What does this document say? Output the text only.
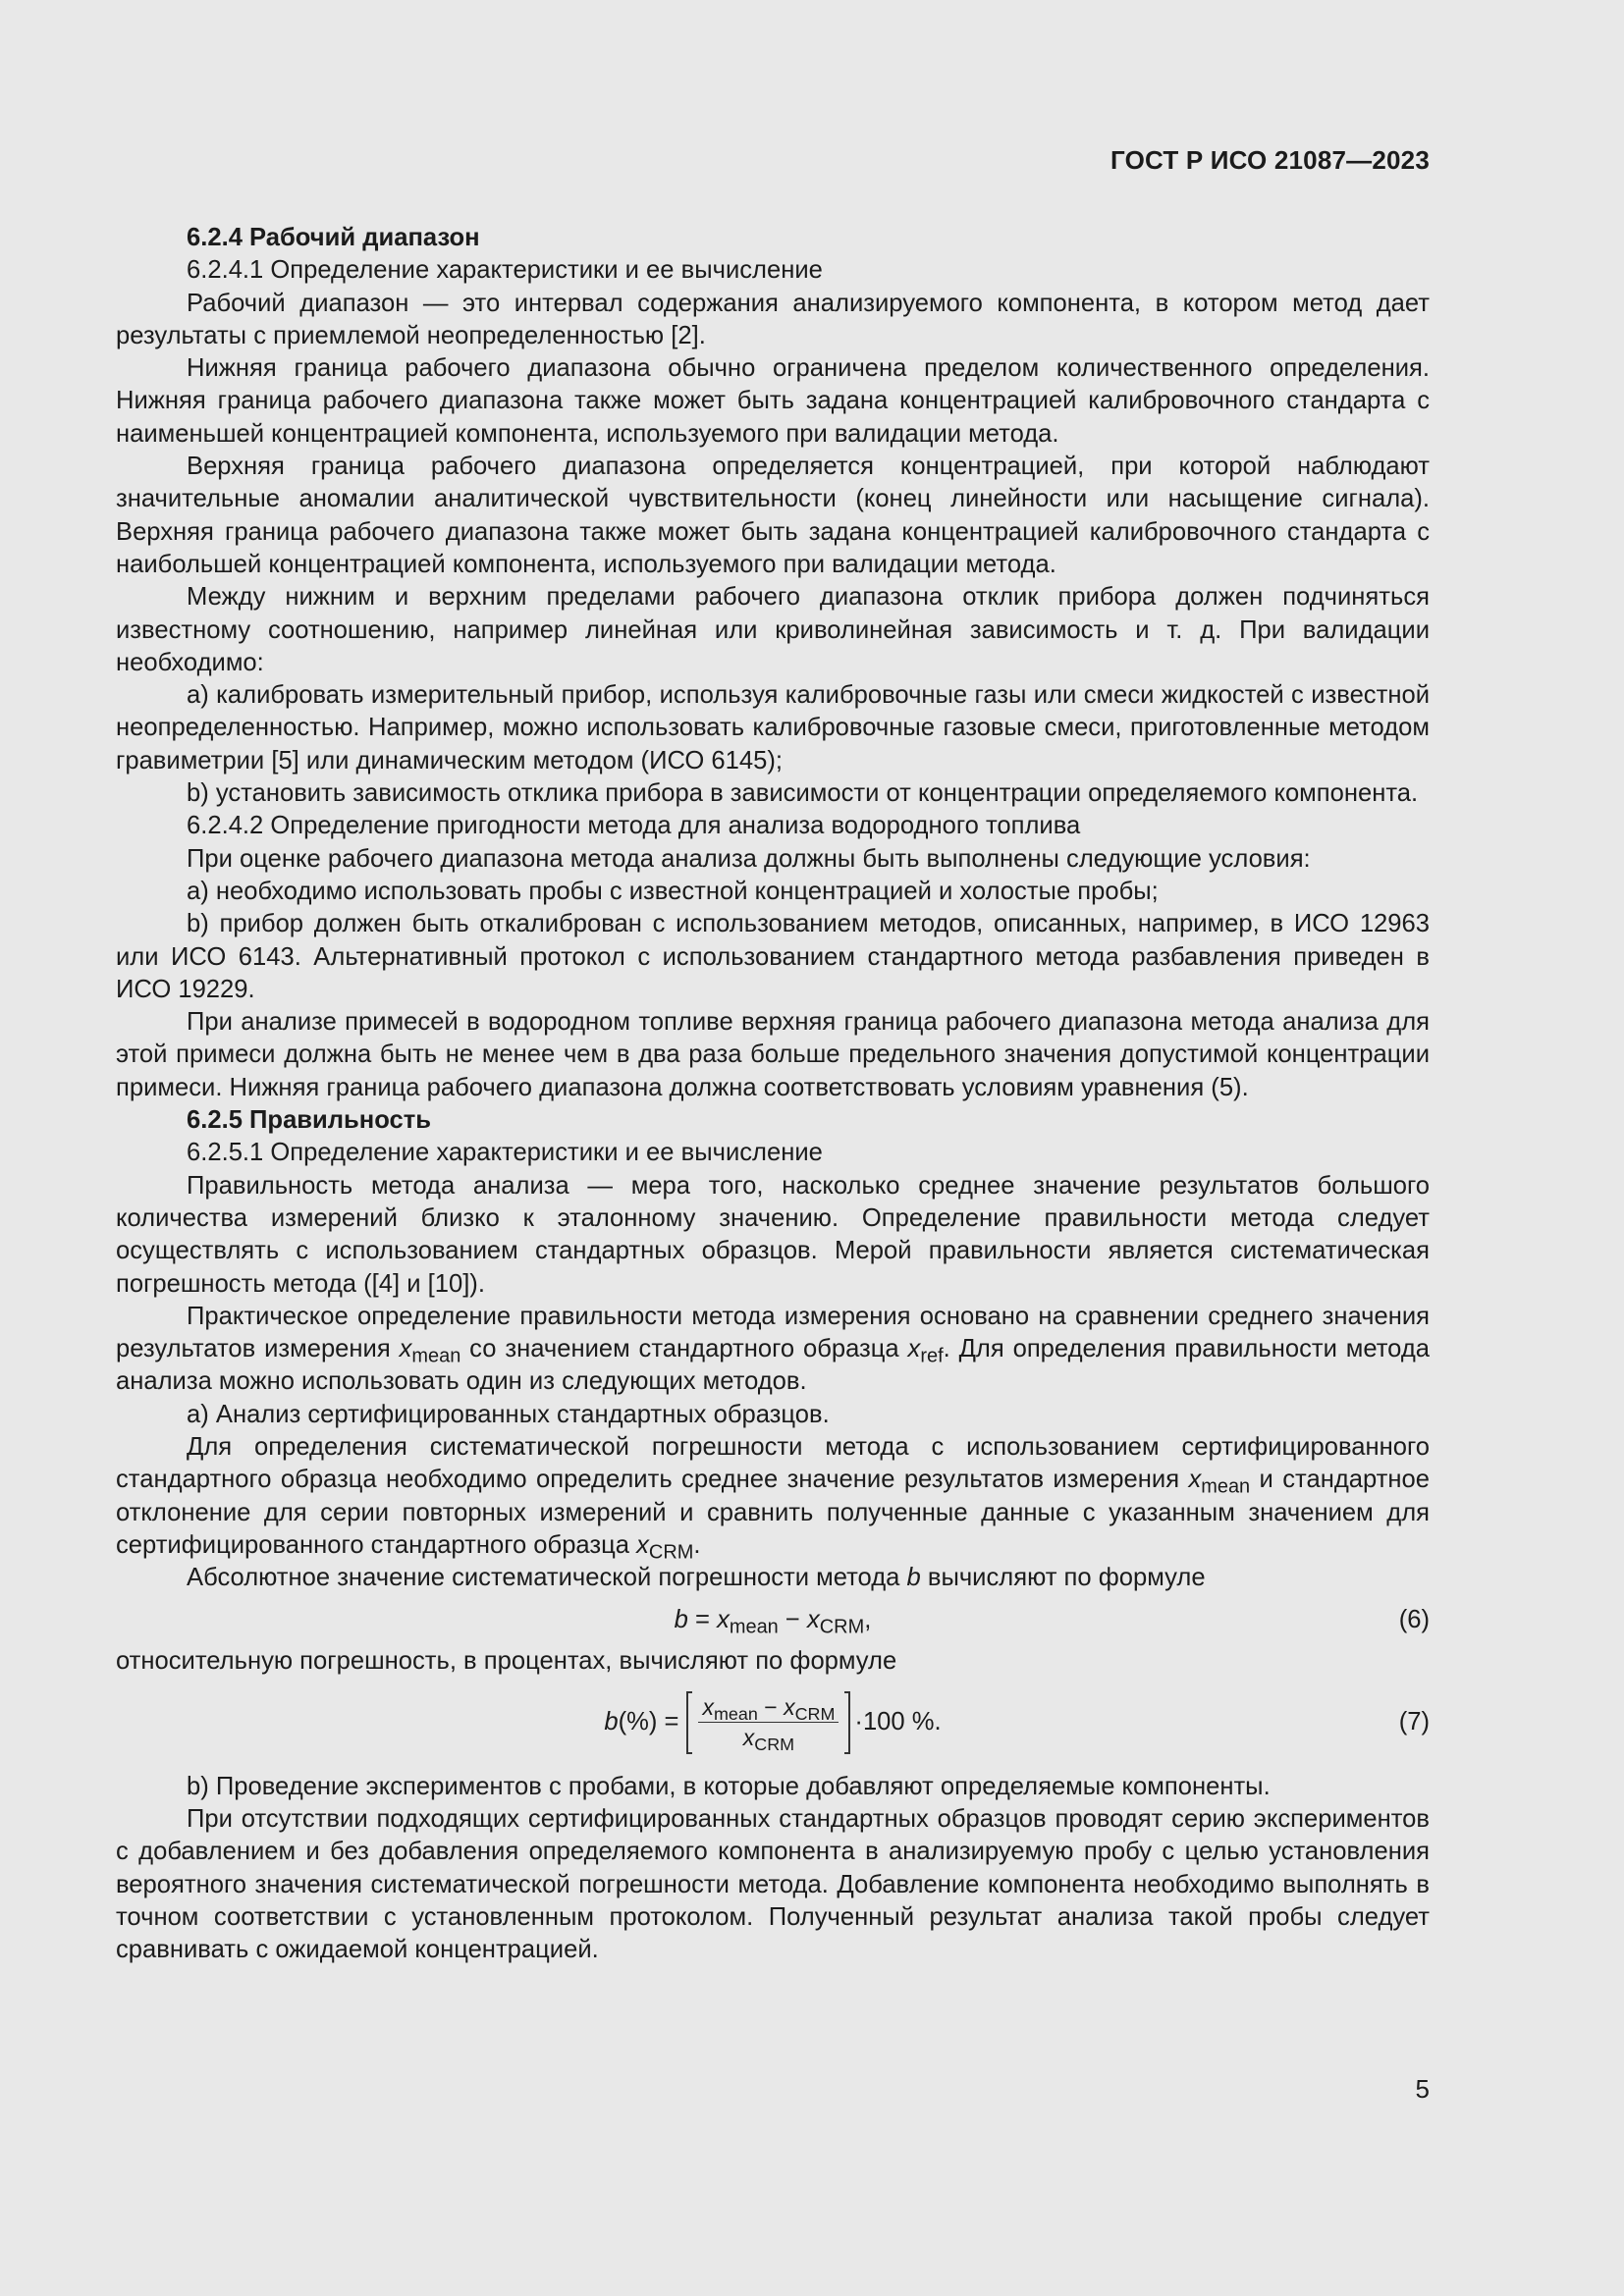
ГОСТ Р ИСО 21087—2023

6.2.4 Рабочий диапазон

6.2.4.1 Определение характеристики и ее вычисление

Рабочий диапазон — это интервал содержания анализируемого компонента, в котором метод дает результаты с приемлемой неопределенностью [2].

Нижняя граница рабочего диапазона обычно ограничена пределом количественного определения. Нижняя граница рабочего диапазона также может быть задана концентрацией калибровочного стандарта с наименьшей концентрацией компонента, используемого при валидации метода.

Верхняя граница рабочего диапазона определяется концентрацией, при которой наблюдают значительные аномалии аналитической чувствительности (конец линейности или насыщение сигнала). Верхняя граница рабочего диапазона также может быть задана концентрацией калибровочного стандарта с наибольшей концентрацией компонента, используемого при валидации метода.

Между нижним и верхним пределами рабочего диапазона отклик прибора должен подчиняться известному соотношению, например линейная или криволинейная зависимость и т. д. При валидации необходимо:

a) калибровать измерительный прибор, используя калибровочные газы или смеси жидкостей с известной неопределенностью. Например, можно использовать калибровочные газовые смеси, приготовленные методом гравиметрии [5] или динамическим методом (ИСО 6145);

b) установить зависимость отклика прибора в зависимости от концентрации определяемого компонента.

6.2.4.2 Определение пригодности метода для анализа водородного топлива

При оценке рабочего диапазона метода анализа должны быть выполнены следующие условия:

a) необходимо использовать пробы с известной концентрацией и холостые пробы;

b) прибор должен быть откалиброван с использованием методов, описанных, например, в ИСО 12963 или ИСО 6143. Альтернативный протокол с использованием стандартного метода разбавления приведен в ИСО 19229.

При анализе примесей в водородном топливе верхняя граница рабочего диапазона метода анализа для этой примеси должна быть не менее чем в два раза больше предельного значения допустимой концентрации примеси. Нижняя граница рабочего диапазона должна соответствовать условиям уравнения (5).

6.2.5 Правильность

6.2.5.1 Определение характеристики и ее вычисление

Правильность метода анализа — мера того, насколько среднее значение результатов большого количества измерений близко к эталонному значению. Определение правильности метода следует осуществлять с использованием стандартных образцов. Мерой правильности является систематическая погрешность метода ([4] и [10]).

Практическое определение правильности метода измерения основано на сравнении среднего значения результатов измерения $x_{mean}$ со значением стандартного образца $x_{ref}$. Для определения правильности метода анализа можно использовать один из следующих методов.

a) Анализ сертифицированных стандартных образцов.

Для определения систематической погрешности метода с использованием сертифицированного стандартного образца необходимо определить среднее значение результатов измерения $x_{mean}$ и стандартное отклонение для серии повторных измерений и сравнить полученные данные с указанным значением для сертифицированного стандартного образца $x_{CRM}$.

Абсолютное значение систематической погрешности метода b вычисляют по формуле

$b = x_{mean} - x_{CRM}$,	(6)

относительную погрешность, в процентах, вычисляют по формуле

b (%) = $\frac{x_{mean} - x_{CRM}}{x_{CRM}} \cdot 100$ %.	(7)

b) Проведение экспериментов с пробами, в которые добавляют определяемые компоненты.

При отсутствии подходящих сертифицированных стандартных образцов проводят серию экспериментов с добавлением и без добавления определяемого компонента в анализируемую пробу с целью установления вероятного значения систематической погрешности метода. Добавление компонента необходимо выполнять в точном соответствии с установленным протоколом. Полученный результат анализа такой пробы следует сравнивать с ожидаемой концентрацией.

5
